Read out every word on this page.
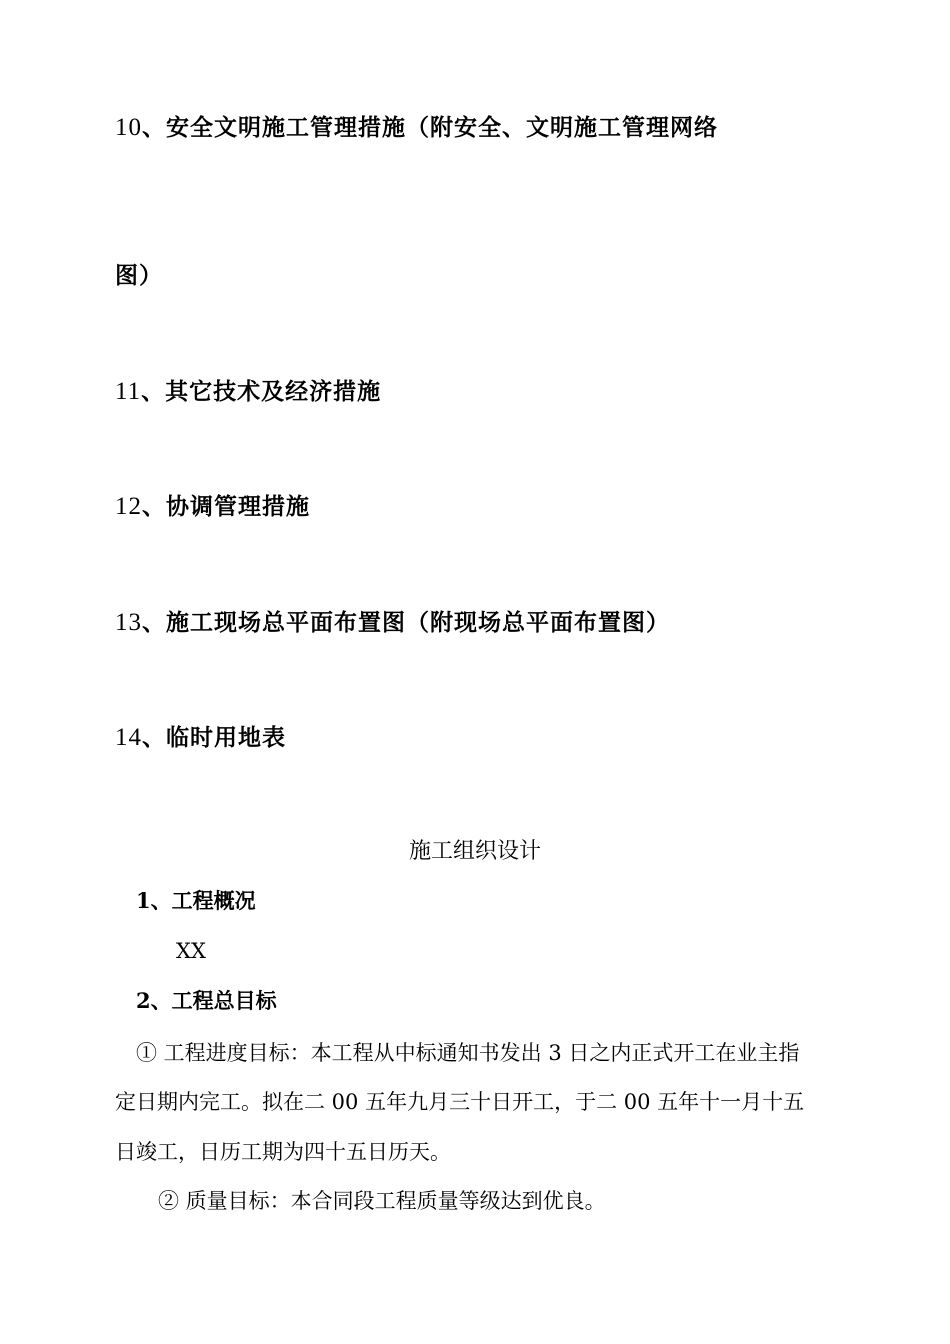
10、安全文明施工管理措施（附安全、文明施工管理网络
图）
11、其它技术及经济措施
12、协调管理措施
13、施工现场总平面布置图（附现场总平面布置图）
14、临时用地表
施工组织设计
1、工程概况
XX
2、工程总目标
① 工程进度目标：本工程从中标通知书发出 3 日之内正式开工在业主指
定日期内完工。拟在二 00 五年九月三十日开工，于二 00 五年十一月十五
日竣工，日历工期为四十五日历天。
② 质量目标：本合同段工程质量等级达到优良。
